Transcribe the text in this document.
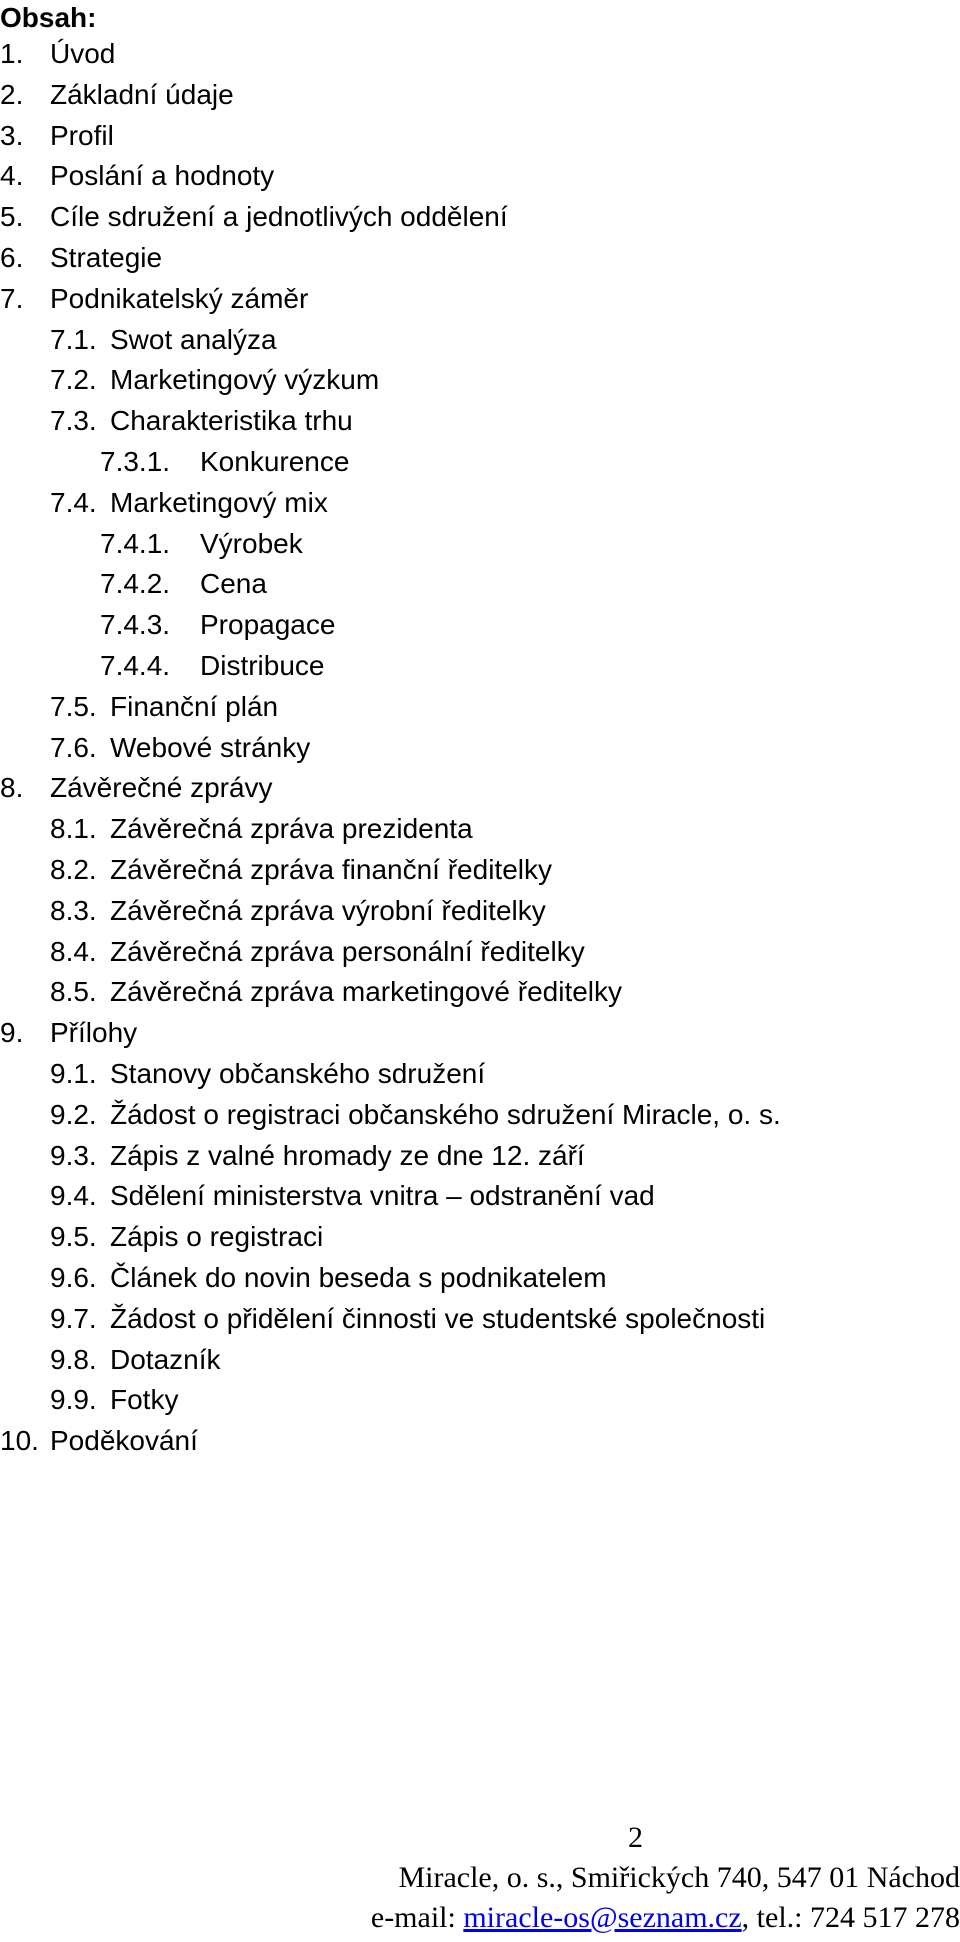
Obsah:
1. Úvod
2. Základní údaje
3. Profil
4. Poslání a hodnoty
5. Cíle sdružení a jednotlivých oddělení
6. Strategie
7. Podnikatelský záměr
7.1. Swot analýza
7.2. Marketingový výzkum
7.3. Charakteristika trhu
7.3.1. Konkurence
7.4. Marketingový mix
7.4.1. Výrobek
7.4.2. Cena
7.4.3. Propagace
7.4.4. Distribuce
7.5. Finanční plán
7.6. Webové stránky
8. Závěrečné zprávy
8.1. Závěrečná zpráva prezidenta
8.2. Závěrečná zpráva finanční ředitelky
8.3. Závěrečná zpráva výrobní ředitelky
8.4. Závěrečná zpráva personální ředitelky
8.5. Závěrečná zpráva marketingové ředitelky
9. Přílohy
9.1. Stanovy občanského sdružení
9.2. Žádost o registraci občanského sdružení Miracle, o. s.
9.3. Zápis z valné hromady ze dne 12. září
9.4. Sdělení ministerstva vnitra – odstranění vad
9.5. Zápis o registraci
9.6. Článek do novin beseda s podnikatelem
9.7. Žádost o přidělení činnosti ve studentské společnosti
9.8. Dotazník
9.9. Fotky
10. Poděkování
2
Miracle, o. s., Smiřických 740, 547 01 Náchod
e-mail: miracle-os@seznam.cz, tel.: 724 517 278
